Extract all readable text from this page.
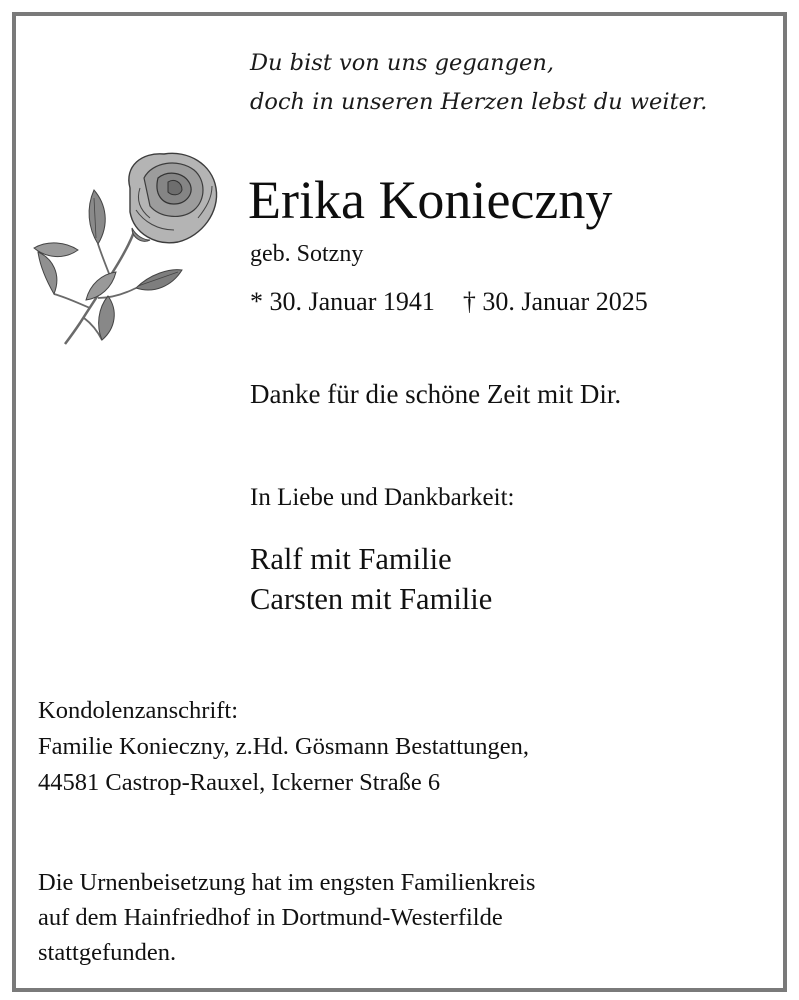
Du bist von uns gegangen,
doch in unseren Herzen lebst du weiter.
Erika Konieczny
geb. Sotzny
* 30. Januar 1941 † 30. Januar 2025
Danke für die schöne Zeit mit Dir.
In Liebe und Dankbarkeit:
Ralf mit Familie
Carsten mit Familie
Kondolenzanschrift:
Familie Konieczny, z.Hd. Gösmann Bestattungen,
44581 Castrop-Rauxel, Ickerner Straße 6
Die Urnenbeisetzung hat im engsten Familienkreis
auf dem Hainfriedhof in Dortmund-Westerfilde
stattgefunden.
